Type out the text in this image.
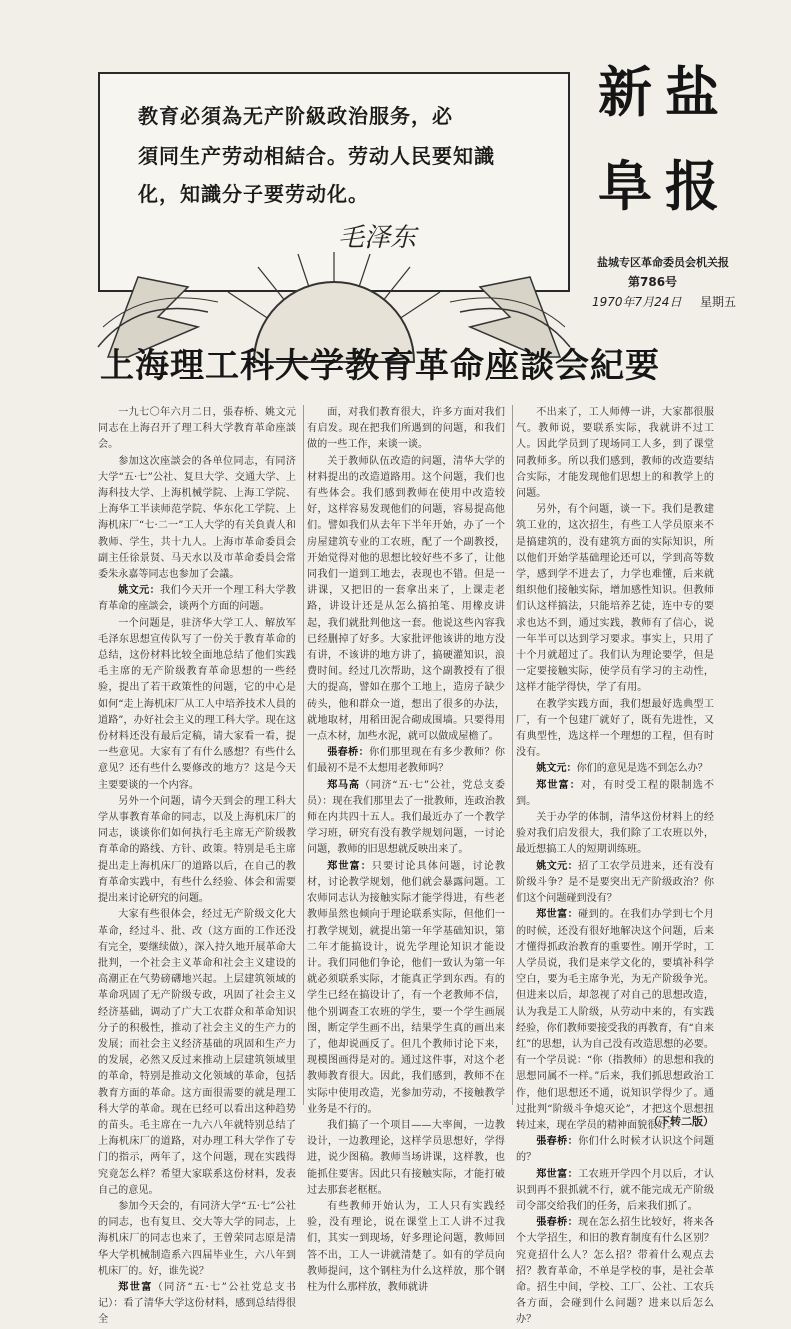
教育必須為无产阶級政治服务，必
須同生产劳动相結合。劳动人民要知識
化，知識分子要劳动化。
毛泽东
新 盐
阜 报
盐城专区革命委员会机关报
第786号
1970年7月24日 星期五
上海理工科大学教育革命座談会紀要

一九七〇年六月二日，張春桥、姚文元同志在上海召开了理工科大学教育革命座談会。

参加这次座談会的各单位同志，有同济大学“五·七”公社、复旦大学、交通大学、上海科技大学、上海机械学院、上海工学院、上海华工半读师范学院、华东化工学院、上海机床厂“七·二一”工人大学的有关負責人和教师、学生，共十九人。上海市革命委員会副主任徐景贤、马天水以及市革命委員会常委朱永嘉等同志也参加了会議。

姚文元：我们今天开一个理工科大学教育革命的座談会，谈两个方面的问题。

一个问题是，驻济华大学工人、解放军毛泽东思想宣传队写了一份关于教育革命的总结，这份材料比较全面地总结了他们实践毛主席的无产阶级教育革命思想的一些经验，提出了若干政策性的问题，它的中心是如何“走上海机床厂从工人中培养技术人員的道路”，办好社会主义的理工科大学。现在这份材料还没有最后定稿，请大家看一看，提一些意见。大家有了有什么感想？有些什么意见？还有些什么要修改的地方？这是今天主要要谈的一个内容。

另外一个问题，请今天到会的理工科大学从事教育革命的同志，以及上海机床厂的同志，谈谈你们如何执行毛主席无产阶级教育革命的路线、方针、政策。特別是毛主席提出走上海机床厂的道路以后，在自己的教育革命实践中，有些什么经验、体会和需要提出来讨论研究的问题。

大家有些很体会，经过无产阶级文化大革命，经过斗、批、改（这方面的工作还没有完全，要继续做），深入持久地开展革命大批判，一个社会主义革命和社会主义建设的高潮正在气势磅礴地兴起。上层建筑领域的革命巩固了无产阶级专政，巩固了社会主义经济基础，调动了广大工农群众和革命知识分子的积极性，推动了社会主义的生产力的发展；而社会主义经济基础的巩固和生产力的发展，必然又反过来推动上层建筑领域里的革命，特别是推动文化领域的革命，包括教育方面的革命。这方面很需要的就是理工科大学的革命。现在已经可以看出这种趋势的苗头。毛主席在一九六八年就特别总结了上海机床厂的道路，对办理工科大学作了专门的指示，两年了，这个问题，现在实践得究竟怎么样？希望大家联系这份材料，发表自己的意见。

参加今天会的，有同济大学“五·七”公社的同志，也有复旦、交大等大学的同志，上海机床厂的同志也来了，王曾荣同志原是清华大学机械制造系六四届毕业生，六八年到机床厂的。好，谁先说？

郑世富（同济“五·七”公社党总支书记）：看了清华大学这份材料，感到总结得很全

面，对我们教育很大，许多方面对我们有启发。现在把我们所遇到的问题，和我们做的一些工作，来谈一谈。

关于教师队伍改造的问题，清华大学的材料提出的改造道路用。这个问题，我们也有些体会。我们感到教师在使用中改造较好，这样容易发现他们的问题，容易提高他们。譬如我们从去年下半年开始，办了一个房屋建筑专业的工农班，配了一个副教授，开始觉得对他的思想比较好些不多了，让他同我们一道到工地去，表现也不错。但是一讲课，又把旧的一套拿出来了，上课走老路，讲设计还是从怎么搞拍笔、用橡皮讲起，我们就批判他这一套。他说这些內容我已经删掉了好多。大家批评他该讲的地方没有讲，不该讲的地方讲了，搞硬灌知识，浪费时间。经过几次帮助，这个副教授有了很大的提高，譬如在那个工地上，造房子缺少砖头，他和群众一道，想出了很多的办法，就地取材，用稻田泥合砌成围墙。只要得用一点木材，加些水泥，就可以做成屋檐了。

張春桥：你们那里现在有多少教师？你们最初不是不太想用老教师吗？

郑马高（同济“五·七”公社，党总支委员）：现在我们那里去了一批教师，连政治教师在内共四十五人。我们最近办了一个教学学习班，研究有没有教学规划问题，一讨论问题，教师的旧思想就反映出来了。

郑世富：只要讨论具体问题，讨论教材，讨论教学规划，他们就会暴露问题。工农师同志认为接触实际才能学得进，有些老教师虽然也倾向于理论联系实际，但他们一打教学规划，就提出第一年学基础知识，第二年才能搞设计，说先学理论知识才能设计。我们同他们争论，他们一致认为第一年就必须联系实际，才能真正学到东西。有的学生已经在搞设计了，有一个老教师不信，他个别调查工农班的学生，要一个学生画展图，断定学生画不出，结果学生真的画出来了，他却说画反了。但几个教师讨论下来，现模图画得是对的。通过这件事，对这个老教师教育很大。因此，我们感到，教师不在实际中使用改造，光参加劳动，不接触教学业务是不行的。

我们搞了一个项目——大率闽，一边教设计，一边教理论，这样学员思想好，学得进，说少图稿。教师当场讲课，这样教，也能抓住要害。因此只有接触实际，才能打破过去那套老框框。

有些教师开始认为，工人只有实践经验，没有理论，说在课堂上工人讲不过我们，其实一到现场，好多理论问题，教师回答不出，工人一讲就清楚了。如有的学员向教师提问，这个钢柱为什么这样放，那个钢柱为什么那样放，教师就讲

不出来了，工人师傅一讲，大家都很服气。教师说，要联系实际，我就讲不过工人。因此学员到了现场同工人多，到了课堂同教师多。所以我们感到，教师的改造要结合实际，才能发现他们思想上的和教学上的问题。

另外，有个问题，谈一下。我们是教建筑工业的，这次招生，有些工人学员原来不是搞建筑的，没有建筑方面的实际知识，所以他们开始学基础理论还可以，学到高等数学，感到学不进去了，力学也难懂，后来就组织他们接触实际，增加感性知识。但教师们认这样搞法，只能培养艺徒，连中专的要求也达不到，通过实践，教师有了信心，说一年半可以达到学习要求。事实上，只用了十个月就超过了。我们认为理论要学，但是一定要接触实际，使学员有学习的主动性，这样才能学得快，学了有用。

在教学实践方面，我们想最好选典型工厂，有一个包建厂就好了，既有先进性，又有典型性，选这样一个理想的工程，但有时没有。

姚文元：你们的意见是选不到怎么办？

郑世富：对，有时受工程的限制选不到。

关于办学的体制，清华这份材料上的经验对我们启发很大，我们除了工农班以外，最近想搞工人的短期训练班。

姚文元：招了工农学员进来，还有没有阶级斗争？是不是要突出无产阶级政治？你们这个问题碰到没有？

郑世富：碰到的。在我们办学到七个月的时候，还没有很好地解决这个问题，后来才懂得抓政治教育的重要性。刚开学时，工人学员说，我们是来学文化的，要填补科学空白，要为毛主席争光，为无产阶级争光。但进来以后，却忽视了对自己的思想改造，认为我是工人阶级，从劳动中来的，有实践经验，你们教师要接受我的再教育，有“自来红”的思想，认为自己没有改造思想的必要。有一个学员说：“你（指教师）的思想和我的思想同属不一样。”后来，我们抓思想政治工作，他们思想还不通，说知识学得少了。通过批判“阶级斗争熄灭论”，才把这个思想扭转过来，现在学员的精神面貌很好。

張春桥：你们什么时候才认识这个问题的？

郑世富：工农班开学四个月以后，才认识到再不狠抓就不行，就不能完成无产阶级司令部交给我们的任务，后来我们抓了。

張春桥：现在怎么招生比较好，将来各个大学招生，和旧的教育制度有什么区别？究竟招什么人？怎么招？带着什么观点去招？教育革命，不单是学校的事，是社会革命。招生中间，学校、工厂、公社、工农兵各方面，会碰到什么问题？进来以后怎么办？

（下转二版）
